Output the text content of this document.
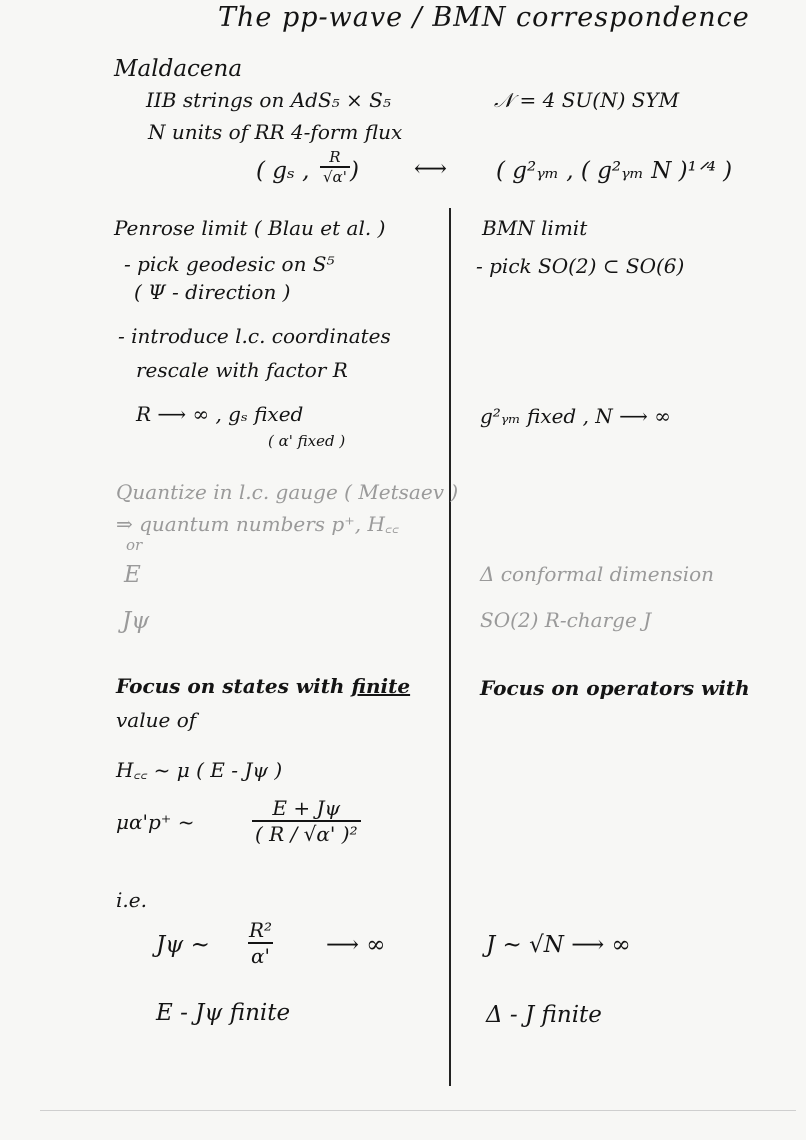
The pp-wave / BMN correspondence
Maldacena
IIB strings on AdS₅ × S₅
N units of RR 4-form flux
𝒩 = 4 SU(N) SYM
( gₛ , $\frac{R}{√\alpha'}$ ) ⟷ ( g²ᵧₘ , ( g²ᵧₘ N )¹ᐟ⁴ )
Penrose limit ( Blau et al. )
- pick geodesic on S⁵
( Ψ - direction )
- introduce l.c. coordinates
rescale with factor R
R ⟶ ∞ , gₛ fixed
( α' fixed )
Quantize in l.c. gauge ( Metsaev )
⇒ quantum numbers p⁺, H꜀꜀
or
E
Jψ
Focus on states with finite
value of
H꜀꜀ ~ μ ( E - Jψ )
μα'p⁺ ~	$\frac{E + J\psi}{\text{( R / √α' )²}}$
i.e.
Jψ ~ $\frac{\text{R²}}{\alpha'}$ ⟶ ∞
E - Jψ finite
BMN limit
- pick SO(2) ⊂ SO(6)
g²ᵧₘ fixed , N ⟶ ∞
Δ conformal dimension
SO(2) R-charge J
Focus on operators with
J ~ √N ⟶ ∞
Δ - J finite
